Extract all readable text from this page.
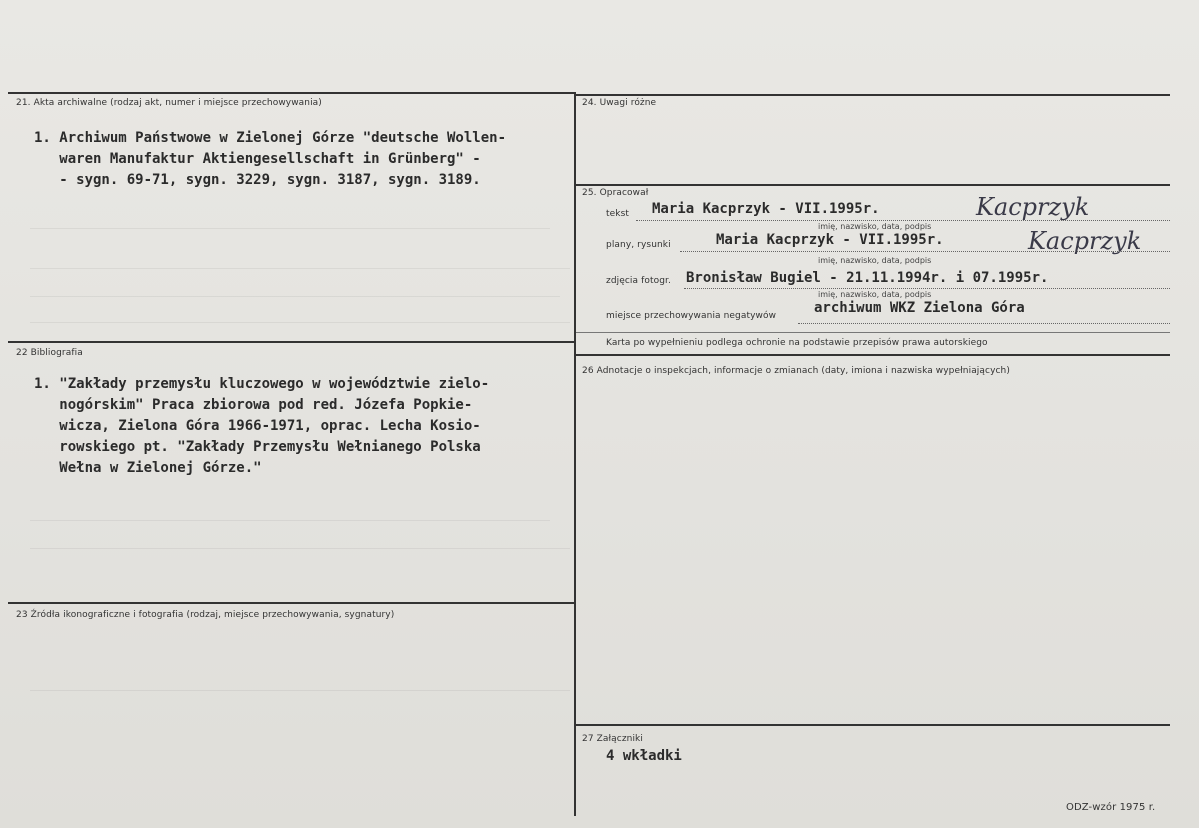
21. Akta archiwalne (rodzaj akt, numer i miejsce przechowywania)
1. Archiwum Państwowe w Zielonej Górze "deutsche Wollen-
waren Manufaktur Aktiengesellschaft in Grünberg" -
- sygn. 69-71, sygn. 3229, sygn. 3187, sygn. 3189.
22 Bibliografia
1. "Zakłady przemysłu kluczowego w województwie zielo-
nogórskim" Praca zbiorowa pod red. Józefa Popkie-
wicza, Zielona Góra 1966-1971, oprac. Lecha Kosio-
rowskiego pt. "Zakłady Przemysłu Wełnianego Polska
Wełna w Zielonej Górze."
23 Źródła ikonograficzne i fotografia (rodzaj, miejsce przechowywania, sygnatury)
24. Uwagi różne
25. Opracował
tekst Maria Kacprzyk - VII.1995r.	Kacprzyk
imię, nazwisko, data, podpis
plany, rysunki	Maria Kacprzyk - VII.1995r.	Kacprzyk
imię, nazwisko, data, podpis
zdjęcia fotogr. Bronisław Bugiel - 21.11.1994r. i 07.1995r.
imię, nazwisko, data, podpis
miejsce przechowywania negatywów	archiwum WKZ Zielona Góra
Karta po wypełnieniu podlega ochronie na podstawie przepisów prawa autorskiego
26 Adnotacje o inspekcjach, informacje o zmianach (daty, imiona i nazwiska wypełniających)
27 Załączniki
4 wkładki
ODZ-wzór 1975 r.
